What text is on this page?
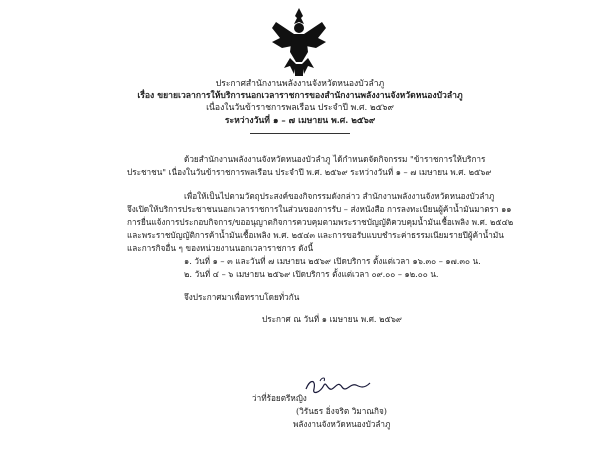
ประกาศสำนักงานพลังงานจังหวัดหนองบัวลำภู
เรื่อง ขยายเวลาการให้บริการนอกเวลาราชการของสำนักงานพลังงานจังหวัดหนองบัวลำภู
เนื่องในวันข้าราชการพลเรือน ประจำปี พ.ศ. ๒๕๖๙
ระหว่างวันที่ ๑ – ๗ เมษายน พ.ศ. ๒๕๖๙
ด้วยสำนักงานพลังงานจังหวัดหนองบัวลำภู ได้กำหนดจัดกิจกรรม "ข้าราชการให้บริการ
ประชาชน" เนื่องในวันข้าราชการพลเรือน ประจำปี พ.ศ. ๒๕๖๙ ระหว่างวันที่ ๑ – ๗ เมษายน พ.ศ. ๒๕๖๙
เพื่อให้เป็นไปตามวัตถุประสงค์ของกิจกรรมดังกล่าว สำนักงานพลังงานจังหวัดหนองบัวลำภู
จึงเปิดให้บริการประชาชนนอกเวลาราชการในส่วนของการรับ – ส่งหนังสือ การลงทะเบียนผู้ค้าน้ำมันมาตรา ๑๑
การยื่นแจ้งการประกอบกิจการ/ขออนุญาตกิจการควบคุมตามพระราชบัญญัติควบคุมน้ำมันเชื้อเพลิง พ.ศ. ๒๕๔๒
และพระราชบัญญัติการค้าน้ำมันเชื้อเพลิง พ.ศ. ๒๕๔๓ และการขอรับแบบชำระค่าธรรมเนียมรายปีผู้ค้าน้ำมัน
และการกิจอื่น ๆ ของหน่วยงานนอกเวลาราชการ ดังนี้
๑. วันที่ ๑ – ๓ และวันที่ ๗ เมษายน ๒๕๖๙ เปิดบริการ ตั้งแต่เวลา ๑๖.๓๐ – ๑๗.๓๐ น.
๒. วันที่ ๔ – ๖ เมษายน ๒๕๖๙ เปิดบริการ ตั้งแต่เวลา ๐๙.๐๐ – ๑๒.๐๐ น.
จึงประกาศมาเพื่อทราบโดยทั่วกัน
ประกาศ ณ วันที่ ๑ เมษายน พ.ศ. ๒๕๖๙
ว่าที่ร้อยตรีหญิง
(วิรันธร อิ่งจริต วิมาณกิจ)
พลังงานจังหวัดหนองบัวลำภู
